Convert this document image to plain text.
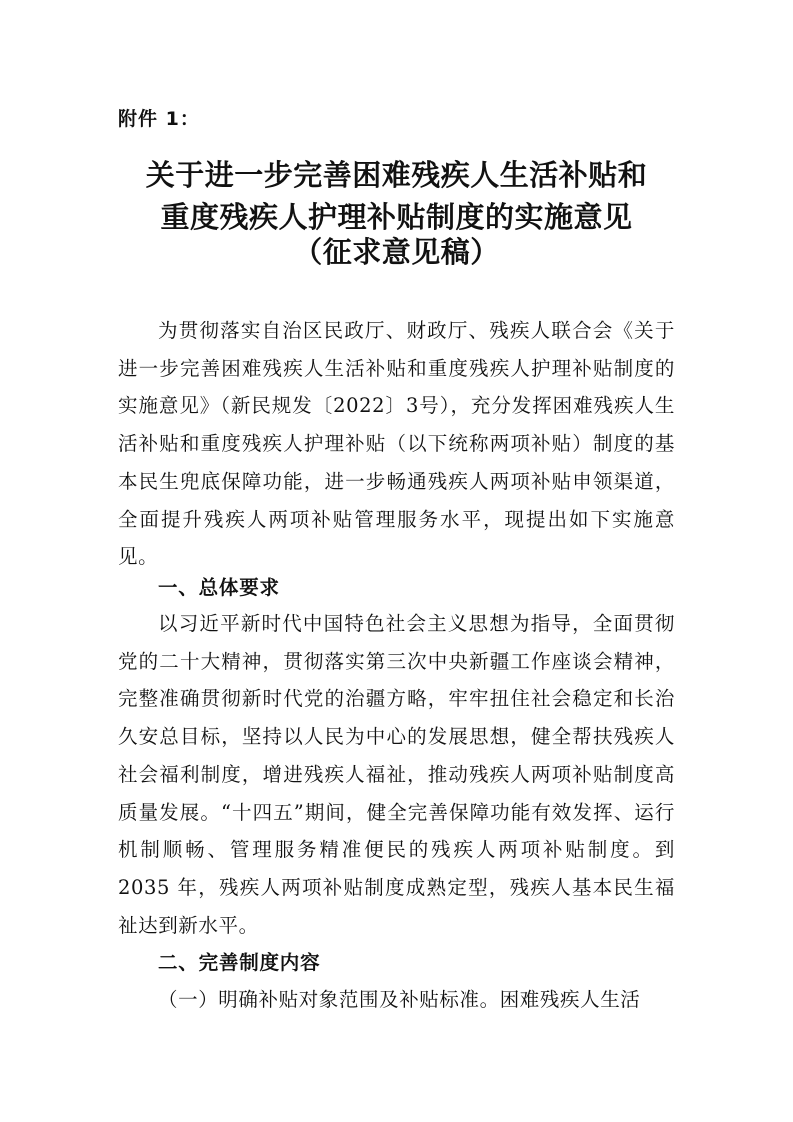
附件 1：
关于进一步完善困难残疾人生活补贴和
重度残疾人护理补贴制度的实施意见
（征求意见稿）

为贯彻落实自治区民政厅、财政厅、残疾人联合会《关于进一步完善困难残疾人生活补贴和重度残疾人护理补贴制度的实施意见》（新民规发〔2022〕3号），充分发挥困难残疾人生活补贴和重度残疾人护理补贴（以下统称两项补贴）制度的基本民生兜底保障功能，进一步畅通残疾人两项补贴申领渠道，全面提升残疾人两项补贴管理服务水平，现提出如下实施意见。

一、总体要求

以习近平新时代中国特色社会主义思想为指导，全面贯彻党的二十大精神，贯彻落实第三次中央新疆工作座谈会精神，完整准确贯彻新时代党的治疆方略，牢牢扭住社会稳定和长治久安总目标，坚持以人民为中心的发展思想，健全帮扶残疾人社会福利制度，增进残疾人福祉，推动残疾人两项补贴制度高质量发展。“十四五”期间，健全完善保障功能有效发挥、运行机制顺畅、管理服务精准便民的残疾人两项补贴制度。到 2035 年，残疾人两项补贴制度成熟定型，残疾人基本民生福祉达到新水平。

二、完善制度内容

（一）明确补贴对象范围及补贴标准。困难残疾人生活
